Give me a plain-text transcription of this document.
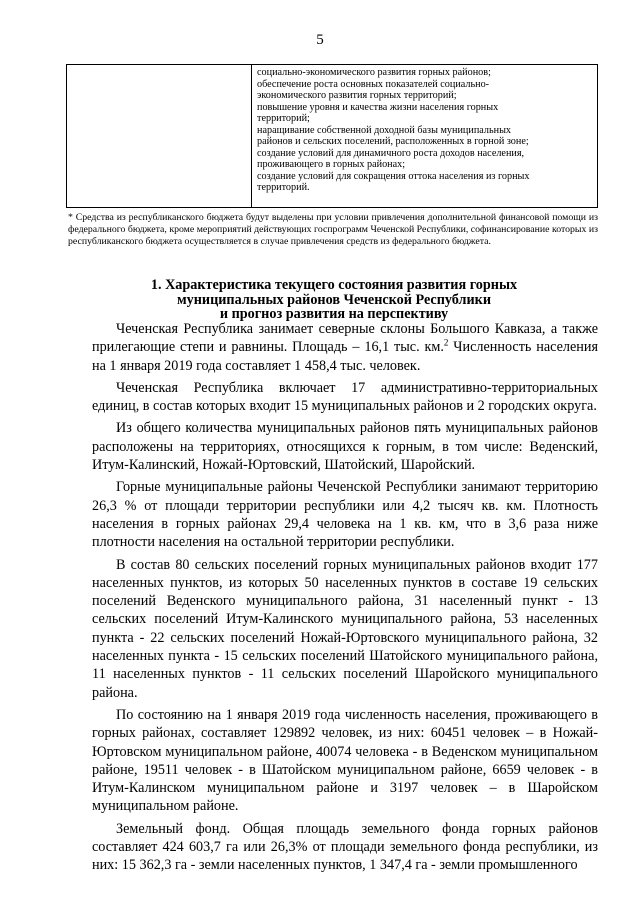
5
социально-экономического развития горных районов;
обеспечение роста основных показателей социально-
экономического развития горных территорий;
повышение уровня и качества жизни населения горных
территорий;
наращивание собственной доходной базы муниципальных
районов и сельских поселений, расположенных в горной зоне;
создание условий для динамичного роста доходов населения,
проживающего в горных районах;
создание условий для сокращения оттока населения из горных
территорий.
* Средства из республиканского бюджета будут выделены при условии привлечения дополнительной финансовой помощи из федерального бюджета, кроме мероприятий действующих госпрограмм Чеченской Республики, софинансирование которых из республиканского бюджета осуществляется в случае привлечения средств из федерального бюджета.
1. Характеристика текущего состояния развития горных
муниципальных районов Чеченской Республики
и прогноз развития на перспективу

Чеченская Республика занимает северные склоны Большого Кавказа, а также прилегающие степи и равнины. Площадь – 16,1 тыс. км.$^2$ Численность населения на 1 января 2019 года составляет 1 458,4 тыс. человек.

Чеченская Республика включает 17 административно-территориальных единиц, в состав которых входит 15 муниципальных районов и 2 городских округа.

Из общего количества муниципальных районов пять муниципальных районов расположены на территориях, относящихся к горным, в том числе: Веденский, Итум-Калинский, Ножай-Юртовский, Шатойский, Шаройский.

Горные муниципальные районы Чеченской Республики занимают территорию 26,3 % от площади территории республики или 4,2 тысяч кв. км. Плотность населения в горных районах 29,4 человека на 1 кв. км, что в 3,6 раза ниже плотности населения на остальной территории республики.

В состав 80 сельских поселений горных муниципальных районов входит 177 населенных пунктов, из которых 50 населенных пунктов в составе 19 сельских поселений Веденского муниципального района, 31 населенный пункт - 13 сельских поселений Итум-Калинского муниципального района, 53 населенных пункта - 22 сельских поселений Ножай-Юртовского муниципального района, 32 населенных пункта - 15 сельских поселений Шатойского муниципального района, 11 населенных пунктов - 11 сельских поселений Шаройского муниципального района.

По состоянию на 1 января 2019 года численность населения, проживающего в горных районах, составляет 129892 человек, из них: 60451 человек – в Ножай-Юртовском муниципальном районе, 40074 человека - в Веденском муниципальном районе, 19511 человек - в Шатойском муниципальном районе, 6659 человек - в Итум-Калинском муниципальном районе и 3197 человек – в Шаройском муниципальном районе.

Земельный фонд. Общая площадь земельного фонда горных районов составляет 424 603,7 га или 26,3% от площади земельного фонда республики, из них: 15 362,3 га - земли населенных пунктов, 1 347,4 га - земли промышленного
